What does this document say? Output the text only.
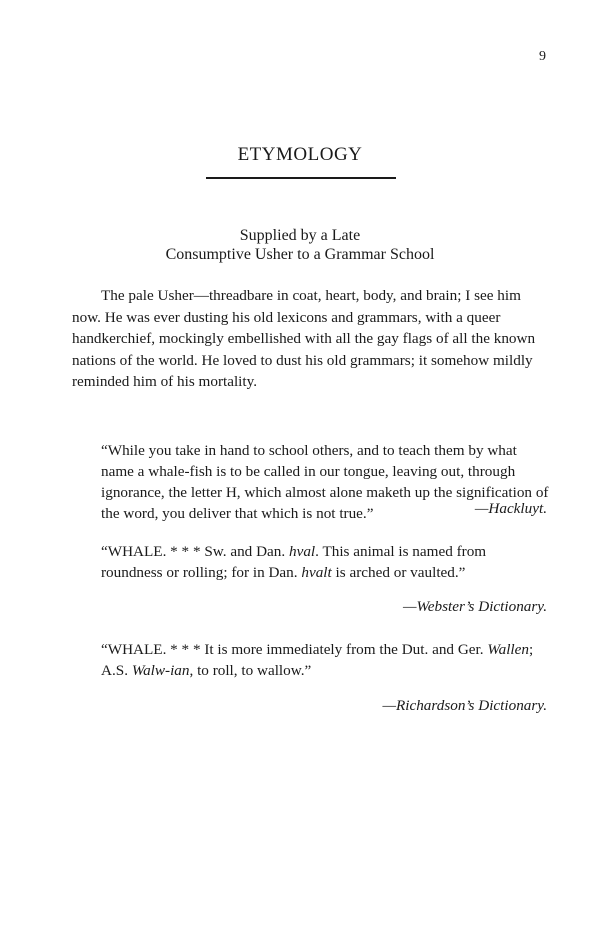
9
ETYMOLOGY
Supplied by a Late
Consumptive Usher to a Grammar School

The pale Usher—threadbare in coat, heart, body, and brain; I see him now. He was ever dusting his old lexicons and grammars, with a queer handkerchief, mockingly embellished with all the gay flags of all the known nations of the world. He loved to dust his old grammars; it somehow mildly reminded him of his mortality.

“While you take in hand to school others, and to teach them by what name a whale-fish is to be called in our tongue, leaving out, through ignorance, the letter H, which almost alone maketh up the signification of the word, you deliver that which is not true.”	—Hackluyt.

“WHALE. * * * Sw. and Dan. hval. This animal is named from roundness or rolling; for in Dan. hvalt is arched or vaulted.”

—Webster’s Dictionary.

“WHALE. * * * It is more immediately from the Dut. and Ger. Wallen; A.S. Walw-ian, to roll, to wallow.”

—Richardson’s Dictionary.
